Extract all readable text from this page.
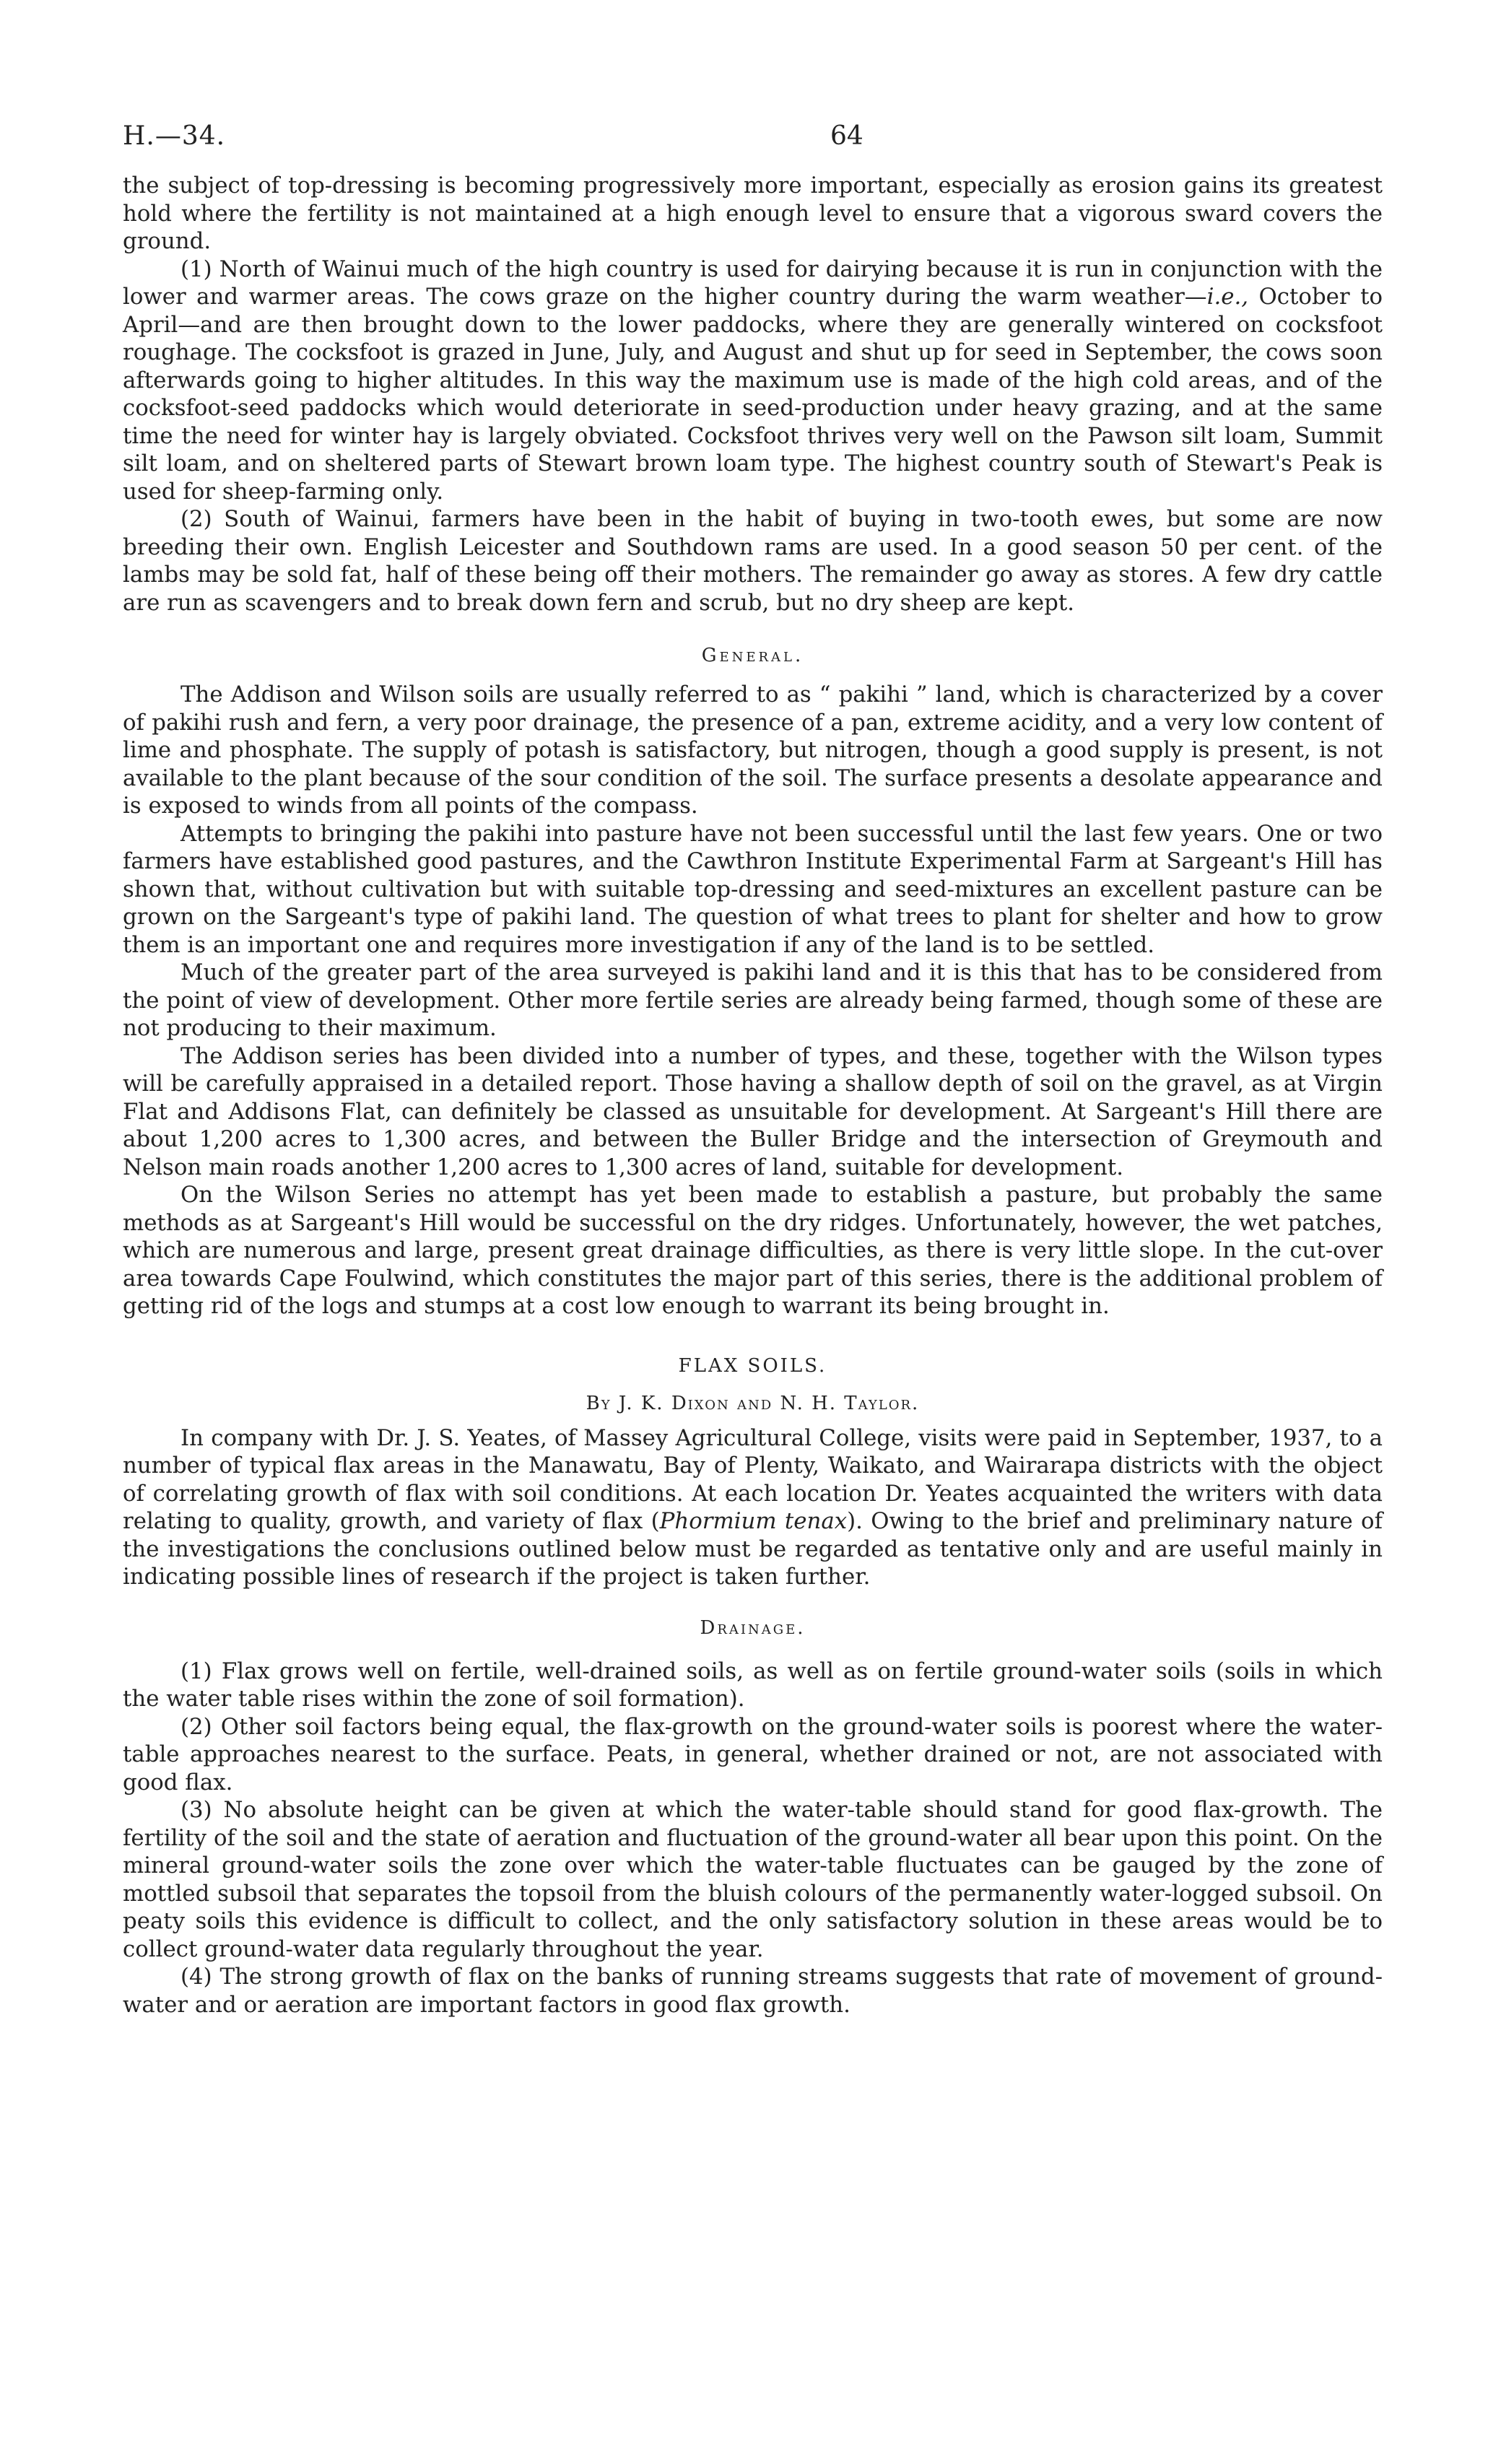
H.—34.	64

the subject of top-dressing is becoming progressively more important, especially as erosion gains its greatest hold where the fertility is not maintained at a high enough level to ensure that a vigorous sward covers the ground.

(1) North of Wainui much of the high country is used for dairying because it is run in conjunction with the lower and warmer areas. The cows graze on the higher country during the warm weather—i.e., October to April—and are then brought down to the lower paddocks, where they are generally wintered on cocksfoot roughage. The cocksfoot is grazed in June, July, and August and shut up for seed in September, the cows soon afterwards going to higher altitudes. In this way the maximum use is made of the high cold areas, and of the cocksfoot-seed paddocks which would deteriorate in seed-production under heavy grazing, and at the same time the need for winter hay is largely obviated. Cocksfoot thrives very well on the Pawson silt loam, Summit silt loam, and on sheltered parts of Stewart brown loam type. The highest country south of Stewart's Peak is used for sheep-farming only.

(2) South of Wainui, farmers have been in the habit of buying in two-tooth ewes, but some are now breeding their own. English Leicester and Southdown rams are used. In a good season 50 per cent. of the lambs may be sold fat, half of these being off their mothers. The remainder go away as stores. A few dry cattle are run as scavengers and to break down fern and scrub, but no dry sheep are kept.

General.

The Addison and Wilson soils are usually referred to as “ pakihi ” land, which is characterized by a cover of pakihi rush and fern, a very poor drainage, the presence of a pan, extreme acidity, and a very low content of lime and phosphate. The supply of potash is satisfactory, but nitrogen, though a good supply is present, is not available to the plant because of the sour condition of the soil. The surface presents a desolate appearance and is exposed to winds from all points of the compass.

Attempts to bringing the pakihi into pasture have not been successful until the last few years. One or two farmers have established good pastures, and the Cawthron Institute Experimental Farm at Sargeant's Hill has shown that, without cultivation but with suitable top-dressing and seed-mixtures an excellent pasture can be grown on the Sargeant's type of pakihi land. The question of what trees to plant for shelter and how to grow them is an important one and requires more investigation if any of the land is to be settled.

Much of the greater part of the area surveyed is pakihi land and it is this that has to be considered from the point of view of development. Other more fertile series are already being farmed, though some of these are not producing to their maximum.

The Addison series has been divided into a number of types, and these, together with the Wilson types will be carefully appraised in a detailed report. Those having a shallow depth of soil on the gravel, as at Virgin Flat and Addisons Flat, can definitely be classed as unsuitable for development. At Sargeant's Hill there are about 1,200 acres to 1,300 acres, and between the Buller Bridge and the intersection of Greymouth and Nelson main roads another 1,200 acres to 1,300 acres of land, suitable for development.

On the Wilson Series no attempt has yet been made to establish a pasture, but probably the same methods as at Sargeant's Hill would be successful on the dry ridges. Unfortunately, however, the wet patches, which are numerous and large, present great drainage difficulties, as there is very little slope. In the cut-over area towards Cape Foulwind, which constitutes the major part of this series, there is the additional problem of getting rid of the logs and stumps at a cost low enough to warrant its being brought in.

FLAX SOILS.
By J. K. Dixon and N. H. Taylor.

In company with Dr. J. S. Yeates, of Massey Agricultural College, visits were paid in September, 1937, to a number of typical flax areas in the Manawatu, Bay of Plenty, Waikato, and Wairarapa districts with the object of correlating growth of flax with soil conditions. At each location Dr. Yeates acquainted the writers with data relating to quality, growth, and variety of flax (Phormium tenax). Owing to the brief and preliminary nature of the investigations the conclusions outlined below must be regarded as tentative only and are useful mainly in indicating possible lines of research if the project is taken further.

Drainage.

(1) Flax grows well on fertile, well-drained soils, as well as on fertile ground-water soils (soils in which the water table rises within the zone of soil formation).

(2) Other soil factors being equal, the flax-growth on the ground-water soils is poorest where the water-table approaches nearest to the surface. Peats, in general, whether drained or not, are not associated with good flax.

(3) No absolute height can be given at which the water-table should stand for good flax-growth. The fertility of the soil and the state of aeration and fluctuation of the ground-water all bear upon this point. On the mineral ground-water soils the zone over which the water-table fluctuates can be gauged by the zone of mottled subsoil that separates the topsoil from the bluish colours of the permanently water-logged subsoil. On peaty soils this evidence is difficult to collect, and the only satisfactory solution in these areas would be to collect ground-water data regularly throughout the year.

(4) The strong growth of flax on the banks of running streams suggests that rate of movement of ground-water and or aeration are important factors in good flax growth.
